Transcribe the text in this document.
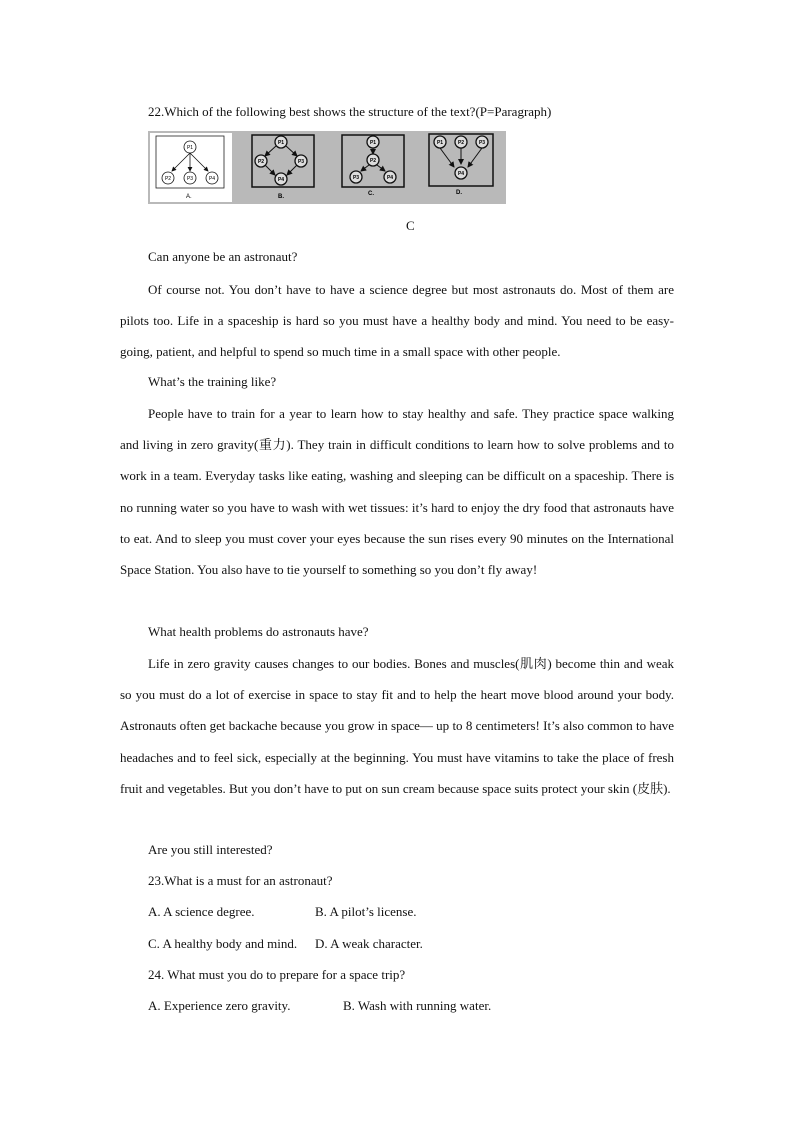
22.Which of the following best shows the structure of the text?(P=Paragraph)
P1
P2	P3	P4
A.
P1
P2	P3
P4
B.
P1
P2
P3	P4
C.
P1	P2	P3
P4
D.
C
Can anyone be an astronaut?
Of course not. You don’t have to have a science degree but most astronauts do. Most of them are pilots too. Life in a spaceship is hard so you must have a healthy body and mind. You need to be easy-going, patient, and helpful to spend so much time in a small space with other people.
What’s the training like?
People have to train for a year to learn how to stay healthy and safe. They practice space walking and living in zero gravity(重力). They train in difficult conditions to learn how to solve problems and to work in a team. Everyday tasks like eating, washing and sleeping can be difficult on a spaceship. There is no running water so you have to wash with wet tissues: it’s hard to enjoy the dry food that astronauts have to eat. And to sleep you must cover your eyes because the sun rises every 90 minutes on the International Space Station. You also have to tie yourself to something so you don’t fly away!
What health problems do astronauts have?
Life in zero gravity causes changes to our bodies. Bones and muscles(肌肉) become thin and weak so you must do a lot of exercise in space to stay fit and to help the heart move blood around your body. Astronauts often get backache because you grow in space— up to 8 centimeters! It’s also common to have headaches and to feel sick, especially at the beginning. You must have vitamins to take the place of fresh fruit and vegetables. But you don’t have to put on sun cream because space suits protect your skin (皮肤).
Are you still interested?
23.What is a must for an astronaut?
A. A science degree.	B. A pilot’s license.
C. A healthy body and mind. D. A weak character.
24. What must you do to prepare for a space trip?
A. Experience zero gravity.	B. Wash with running water.
